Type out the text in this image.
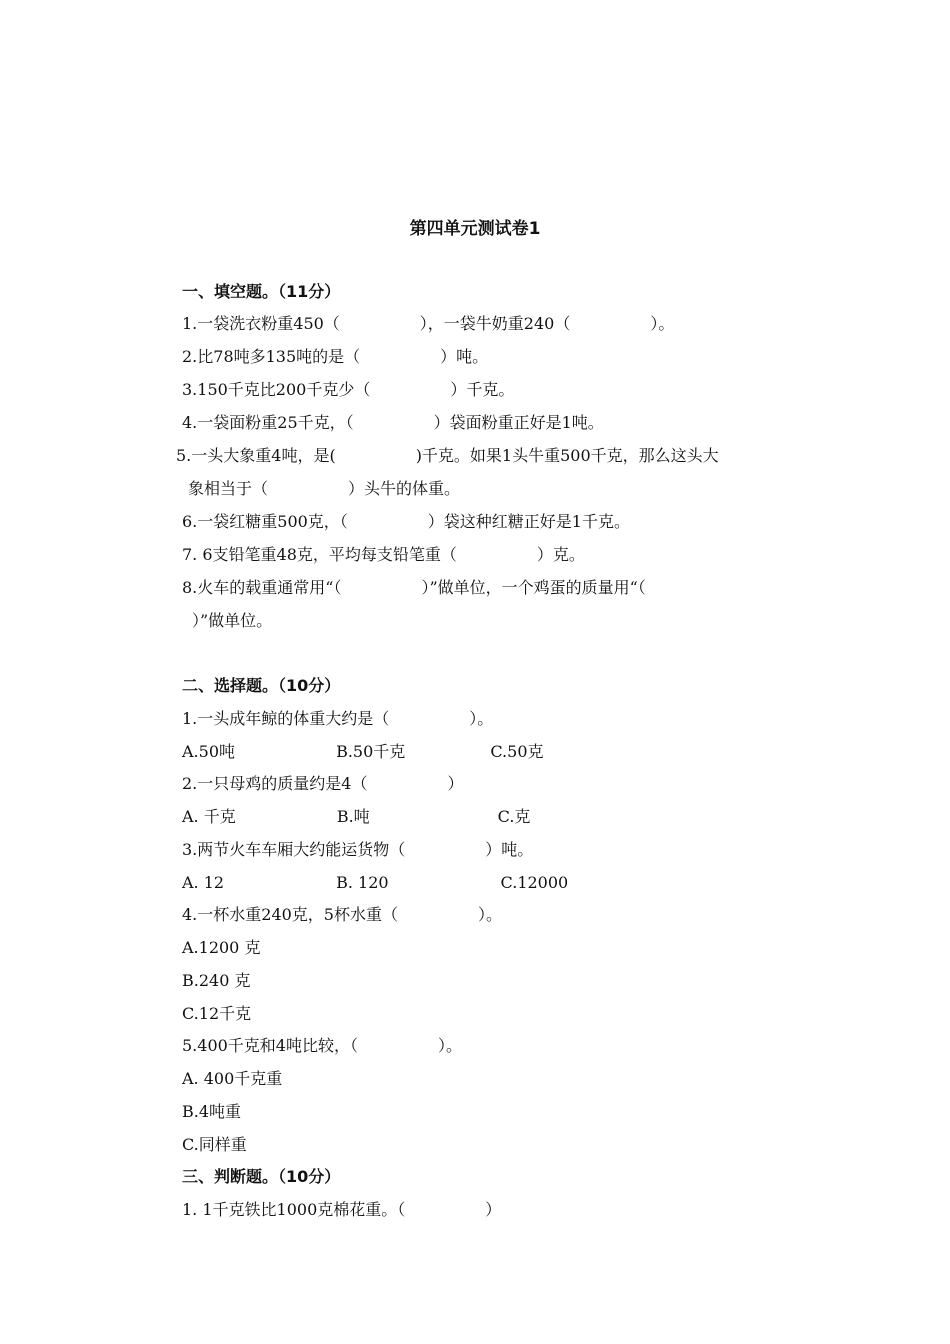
第四单元测试卷1
一、填空题。（11分）
1.一袋洗衣粉重450（　　　　　），一袋牛奶重240（　　　　　）。
2.比78吨多135吨的是（　　　　　）吨。
3.150千克比200千克少（　　　　　）千克。
4.一袋面粉重25千克，（　　　　　）袋面粉重正好是1吨。
5.一头大象重4吨，是(　　　　　)千克。如果1头牛重500千克，那么这头大
象相当于（　　　　　）头牛的体重。
6.一袋红糖重500克，（　　　　　）袋这种红糖正好是1千克。
7. 6支铅笔重48克，平均每支铅笔重（　　　　　）克。
8.火车的载重通常用“（　　　　　）”做单位，一个鸡蛋的质量用“（
）”做单位。
二、选择题。（10分）
1.一头成年鲸的体重大约是（　　　　　）。
A.50吨　　　　　　 B.50千克　　　　　 C.50克
2.一只母鸡的质量约是4（　　　　　）
A. 千克　　　　　　 B.吨　　　　　　　　C.克
3.两节火车车厢大约能运货物（　　　　　）吨。
A. 12　　　　　　　B. 120　　　　　　　C.12000
4.一杯水重240克，5杯水重（　　　　　）。
A.1200 克
B.240 克
C.12千克
5.400千克和4吨比较，（　　　　　）。
A. 400千克重
B.4吨重
C.同样重
三、判断题。（10分）
1. 1千克铁比1000克棉花重。（　　　　　）
